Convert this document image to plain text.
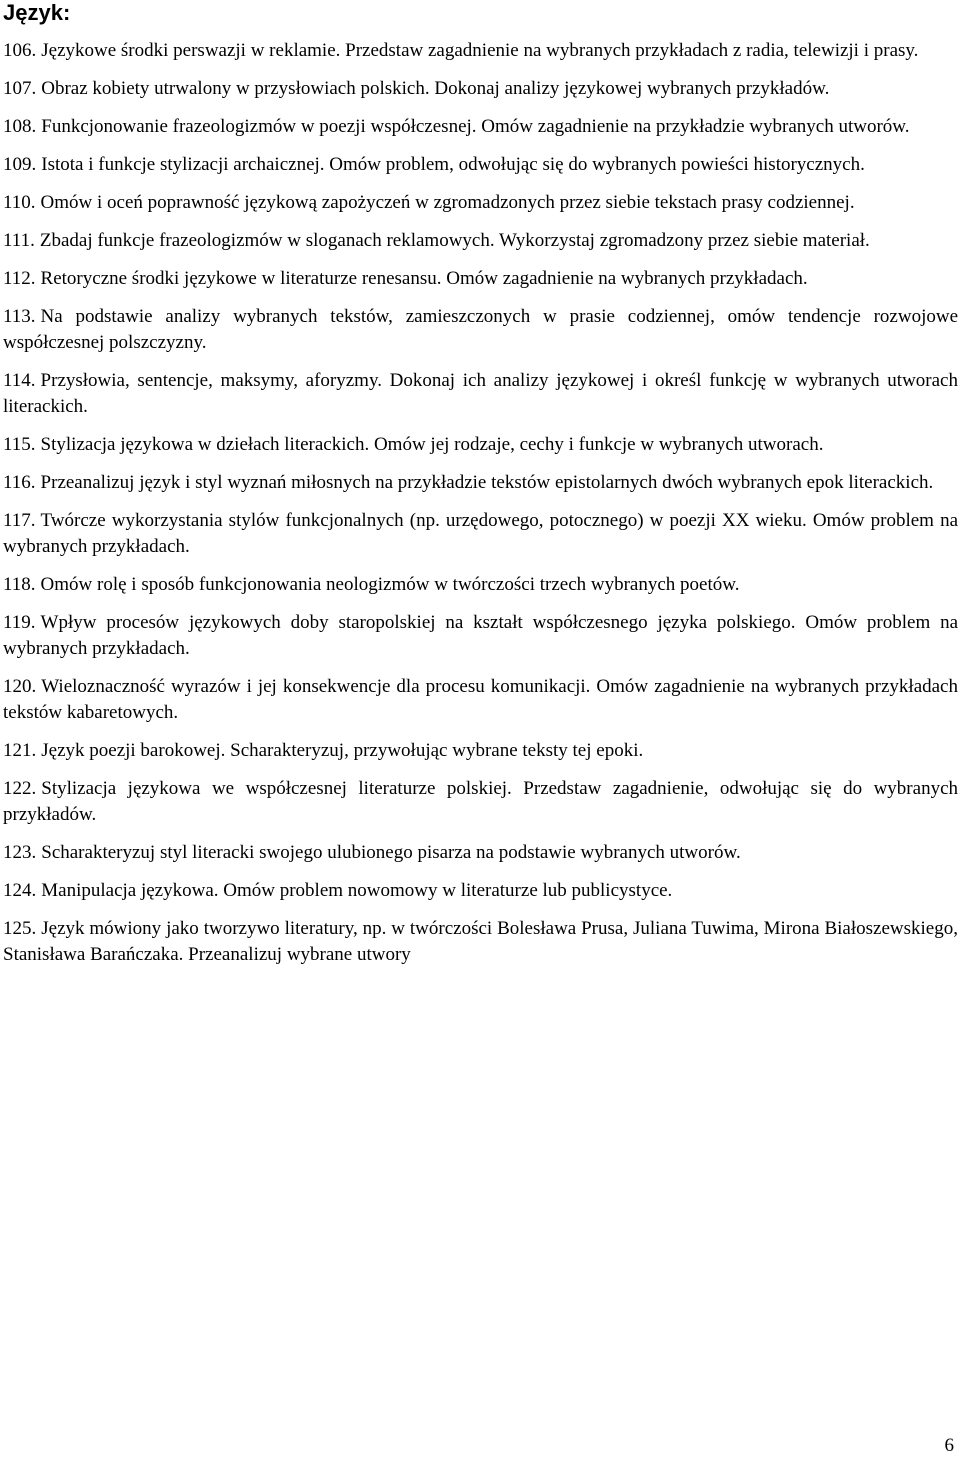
Język:

106. Językowe środki perswazji w reklamie. Przedstaw zagadnienie na wybranych przykładach z radia, telewizji i prasy.

107. Obraz kobiety utrwalony w przysłowiach polskich. Dokonaj analizy językowej wybranych przykładów.

108. Funkcjonowanie frazeologizmów w poezji współczesnej. Omów zagadnienie na przykładzie wybranych utworów.

109. Istota i funkcje stylizacji archaicznej. Omów problem, odwołując się do wybranych powieści historycznych.

110. Omów i oceń poprawność językową zapożyczeń w zgromadzonych przez siebie tekstach prasy codziennej.

111. Zbadaj funkcje frazeologizmów w sloganach reklamowych. Wykorzystaj zgromadzony przez siebie materiał.

112. Retoryczne środki językowe w literaturze renesansu. Omów zagadnienie na wybranych przykładach.

113. Na podstawie analizy wybranych tekstów, zamieszczonych w prasie codziennej, omów tendencje rozwojowe współczesnej polszczyzny.

114. Przysłowia, sentencje, maksymy, aforyzmy. Dokonaj ich analizy językowej i określ funkcję w wybranych utworach literackich.

115. Stylizacja językowa w dziełach literackich. Omów jej rodzaje, cechy i funkcje w wybranych utworach.

116. Przeanalizuj język i styl wyznań miłosnych na przykładzie tekstów epistolarnych dwóch wybranych epok literackich.

117. Twórcze wykorzystania stylów funkcjonalnych (np. urzędowego, potocznego) w poezji XX wieku. Omów problem na wybranych przykładach.

118. Omów rolę i sposób funkcjonowania neologizmów w twórczości trzech wybranych poetów.

119. Wpływ procesów językowych doby staropolskiej na kształt współczesnego języka polskiego. Omów problem na wybranych przykładach.

120. Wieloznaczność wyrazów i jej konsekwencje dla procesu komunikacji. Omów zagadnienie na wybranych przykładach tekstów kabaretowych.

121. Język poezji barokowej. Scharakteryzuj, przywołując wybrane teksty tej epoki.

122. Stylizacja językowa we współczesnej literaturze polskiej. Przedstaw zagadnienie, odwołując się do wybranych przykładów.

123. Scharakteryzuj styl literacki swojego ulubionego pisarza na podstawie wybranych utworów.

124. Manipulacja językowa. Omów problem nowomowy w literaturze lub publicystyce.

125. Język mówiony jako tworzywo literatury, np. w twórczości Bolesława Prusa, Juliana Tuwima, Mirona Białoszewskiego, Stanisława Barańczaka. Przeanalizuj wybrane utwory

6
